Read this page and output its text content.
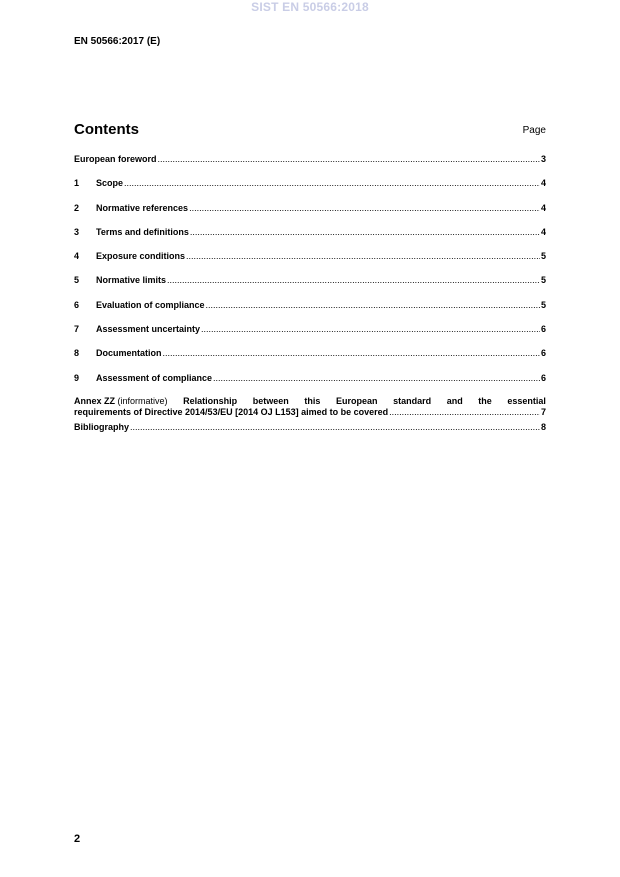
SIST EN 50566:2018
EN 50566:2017 (E)
Contents	Page
European foreword .....	3
1	Scope .....	4
2	Normative references .....	4
3	Terms and definitions .....	4
4	Exposure conditions .....	5
5	Normative limits .....	5
6	Evaluation of compliance .....	5
7	Assessment uncertainty .....	6
8	Documentation .....	6
9	Assessment of compliance .....	6
Annex ZZ (informative) Relationship between this European standard and the essential
requirements of Directive 2014/53/EU [2014 OJ L153] aimed to be covered .....	7
Bibliography .....	8
2
